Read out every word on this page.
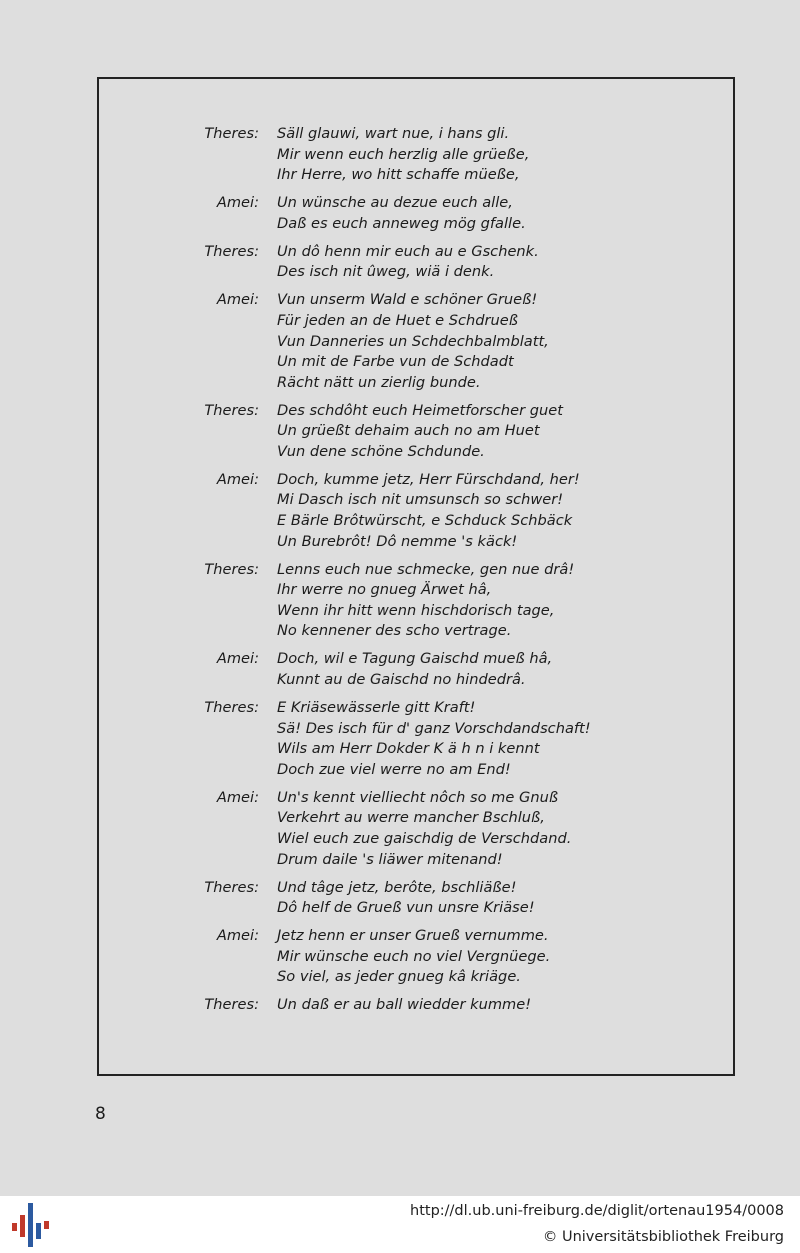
Theres:	Säll glauwi, wart nue, i hans gli.
Mir wenn euch herzlig alle grüeße,
Ihr Herre, wo hitt schaffe müeße,
Amei:	Un wünsche au dezue euch alle,
Daß es euch anneweg mög gfalle.
Theres:	Un dô henn mir euch au e Gschenk.
Des isch nit ûweg, wiä i denk.
Amei:	Vun unserm Wald e schöner Grueß!
Für jeden an de Huet e Schdrueß
Vun Danneries un Schdechbalmblatt,
Un mit de Farbe vun de Schdadt
Rächt nätt un zierlig bunde.
Theres:	Des schdôht euch Heimetforscher guet
Un grüeßt dehaim auch no am Huet
Vun dene schöne Schdunde.
Amei:	Doch, kumme jetz, Herr Fürschdand, her!
Mi Dasch isch nit umsunsch so schwer!
E Bärle Brôtwürscht, e Schduck Schbäck
Un Burebrôt! Dô nemme 's käck!
Theres:	Lenns euch nue schmecke, gen nue drâ!
Ihr werre no gnueg Ärwet hâ,
Wenn ihr hitt wenn hischdorisch tage,
No kennener des scho vertrage.
Amei:	Doch, wil e Tagung Gaischd mueß hâ,
Kunnt au de Gaischd no hindedrâ.
Theres:	E Kriäsewässerle gitt Kraft!
Sä! Des isch für d' ganz Vorschdandschaft!
Wils am Herr Dokder K ä h n i kennt
Doch zue viel werre no am End!
Amei:	Un's kennt vielliecht nôch so me Gnuß
Verkehrt au werre mancher Bschluß,
Wiel euch zue gaischdig de Verschdand.
Drum daile 's liäwer mitenand!
Theres:	Und tâge jetz, berôte, bschliäße!
Dô helf de Grueß vun unsre Kriäse!
Amei:	Jetz henn er unser Grueß vernumme.
Mir wünsche euch no viel Vergnüege.
So viel, as jeder gnueg kâ kriäge.
Theres:	Un daß er au ball wiedder kumme!
8
http://dl.ub.uni-freiburg.de/diglit/ortenau1954/0008
© Universitätsbibliothek Freiburg
